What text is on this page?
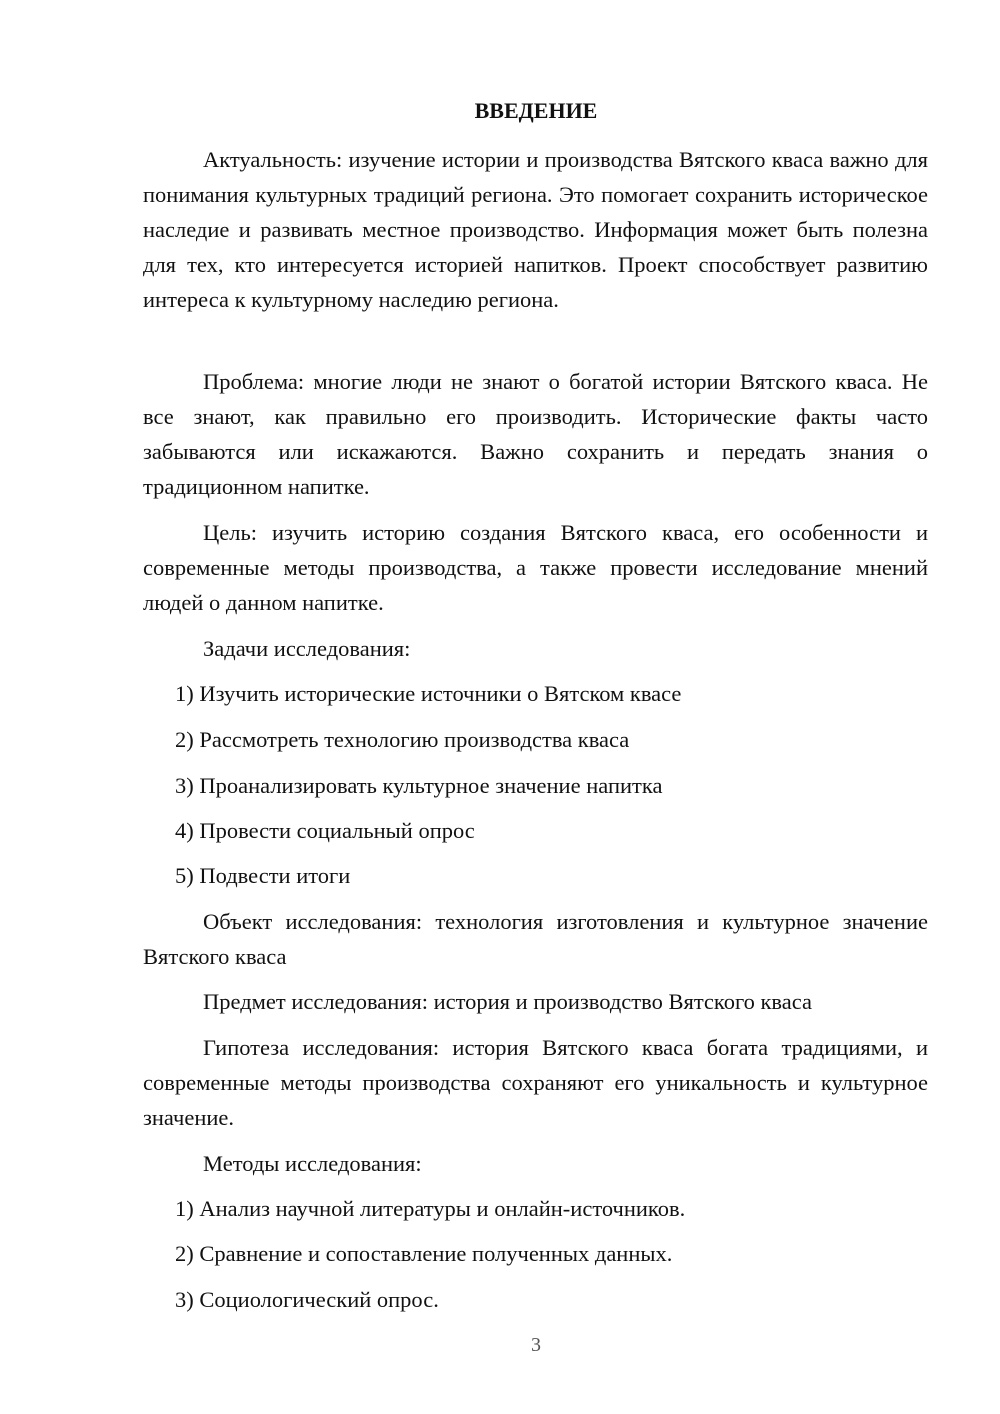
ВВЕДЕНИЕ

Актуальность: изучение истории и производства Вятского кваса важно для понимания культурных традиций региона. Это помогает сохранить историческое наследие и развивать местное производство. Информация может быть полезна для тех, кто интересуется историей напитков. Проект способствует развитию интереса к культурному наследию региона.

Проблема: многие люди не знают о богатой истории Вятского кваса. Не все знают, как правильно его производить. Исторические факты часто забываются или искажаются. Важно сохранить и передать знания о традиционном напитке.

Цель: изучить историю создания Вятского кваса, его особенности и современные методы производства, а также провести исследование мнений людей о данном напитке.

Задачи исследования:

1) Изучить исторические источники о Вятском квасе

2) Рассмотреть технологию производства кваса

3) Проанализировать культурное значение напитка

4) Провести социальный опрос

5) Подвести итоги

Объект исследования: технология изготовления и культурное значение Вятского кваса

Предмет исследования: история и производство Вятского кваса

Гипотеза исследования: история Вятского кваса богата традициями, и современные методы производства сохраняют его уникальность и культурное значение.

Методы исследования:

1) Анализ научной литературы и онлайн-источников.

2) Сравнение и сопоставление полученных данных.

3) Социологический опрос.

3
